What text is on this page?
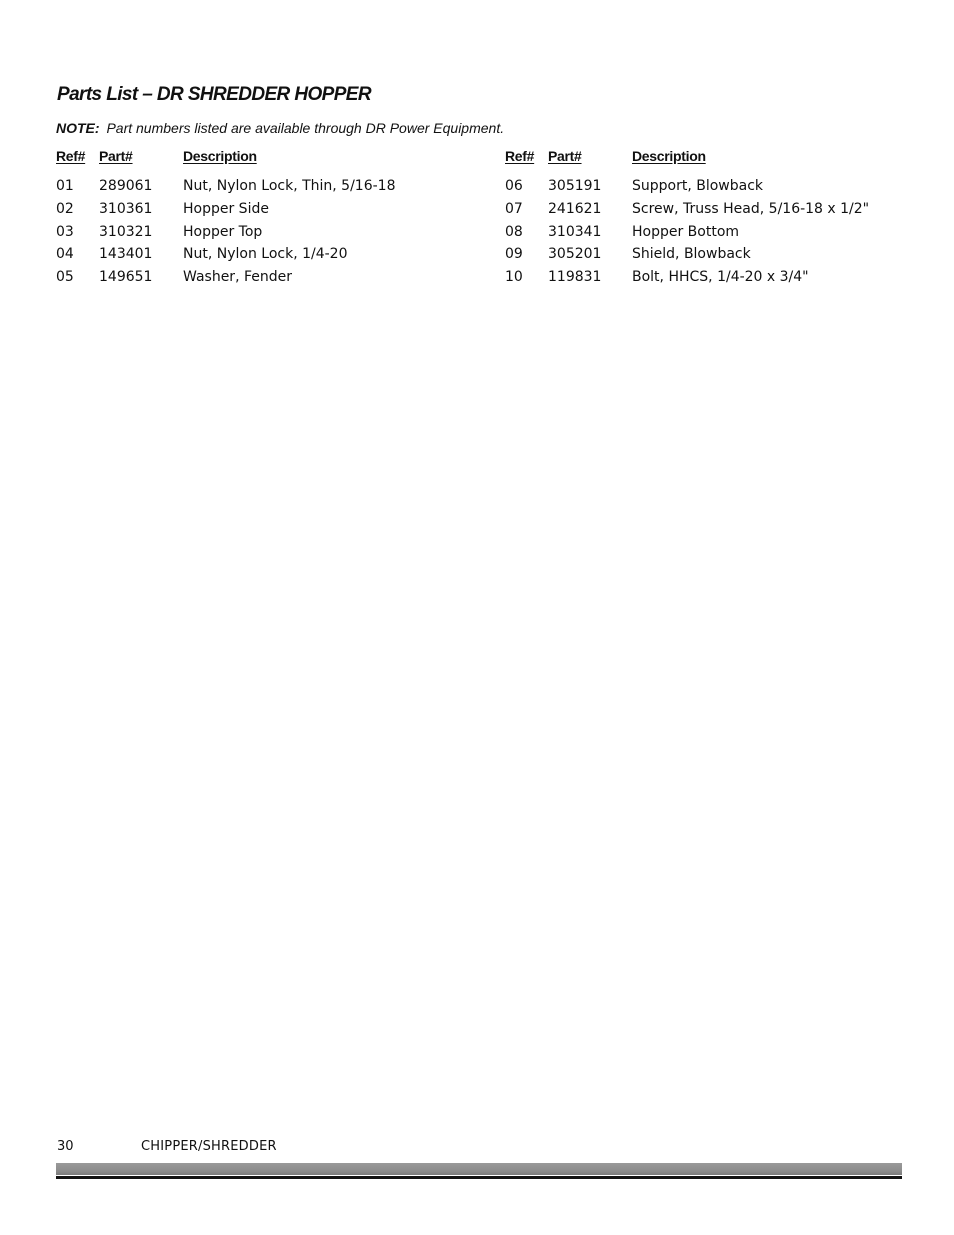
Parts List – DR SHREDDER HOPPER
NOTE: Part numbers listed are available through DR Power Equipment.
Ref# Part#	Description
01 289061 Nut, Nylon Lock, Thin, 5/16-18
02 310361 Hopper Side
03 310321 Hopper Top
04 143401 Nut, Nylon Lock, 1/4-20
05 149651 Washer, Fender
Ref# Part#	Description
06 305191 Support, Blowback
07 241621 Screw, Truss Head, 5/16-18 x 1/2"
08 310341 Hopper Bottom
09 305201 Shield, Blowback
10 119831 Bolt, HHCS, 1/4-20 x 3/4"
30	CHIPPER/SHREDDER
